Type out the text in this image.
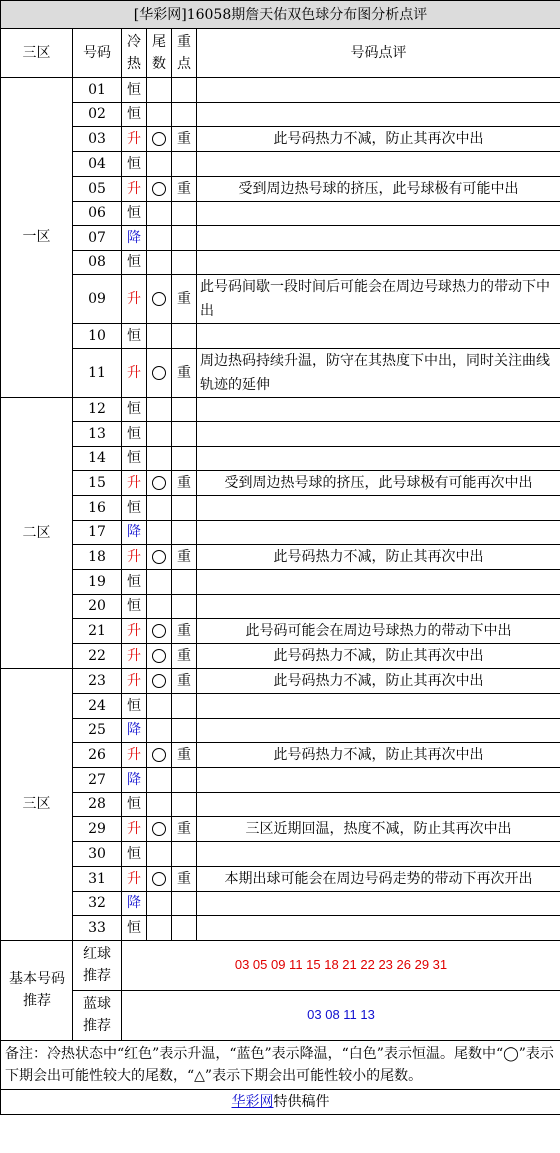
[华彩网]16058期詹天佑双色球分布图分析点评					
三区	号码	冷热	尾数	重点	号码点评
一区	01	恒			
	02	恒			
	03	升		重	此号码热力不减，防止其再次中出
	04	恒			
	05	升		重	受到周边热号球的挤压，此号球极有可能中出
	06	恒			
	07	降			
	08	恒			
	09	升		重	此号码间歇一段时间后可能会在周边号球热力的带动下中出
	10	恒			
	11	升		重	周边热码持续升温，防守在其热度下中出，同时关注曲线轨迹的延伸
二区	12	恒			
	13	恒			
	14	恒			
	15	升		重	受到周边热号球的挤压，此号球极有可能再次中出
	16	恒			
	17	降			
	18	升		重	此号码热力不减，防止其再次中出
	19	恒			
	20	恒			
	21	升		重	此号码可能会在周边号球热力的带动下中出
	22	升		重	此号码热力不减，防止其再次中出
三区	23	升		重	此号码热力不减，防止其再次中出
	24	恒			
	25	降			
	26	升		重	此号码热力不减，防止其再次中出
	27	降			
	28	恒			
	29	升		重	三区近期回温，热度不减，防止其再次中出
	30	恒			
	31	升		重	本期出球可能会在周边号码走势的带动下再次开出
	32	降			
	33	恒			
基本号码推荐	红球推荐	03 05 09 11 15 18 21 22 23 26 29 31			
	蓝球推荐	03 08 11 13			
备注：冷热状态中“红色”表示升温，“蓝色”表示降温，“白色”表示恒温。尾数中“◯”表示下期会出可能性较大的尾数，“△”表示下期会出可能性较小的尾数。					
华彩网特供稿件					
